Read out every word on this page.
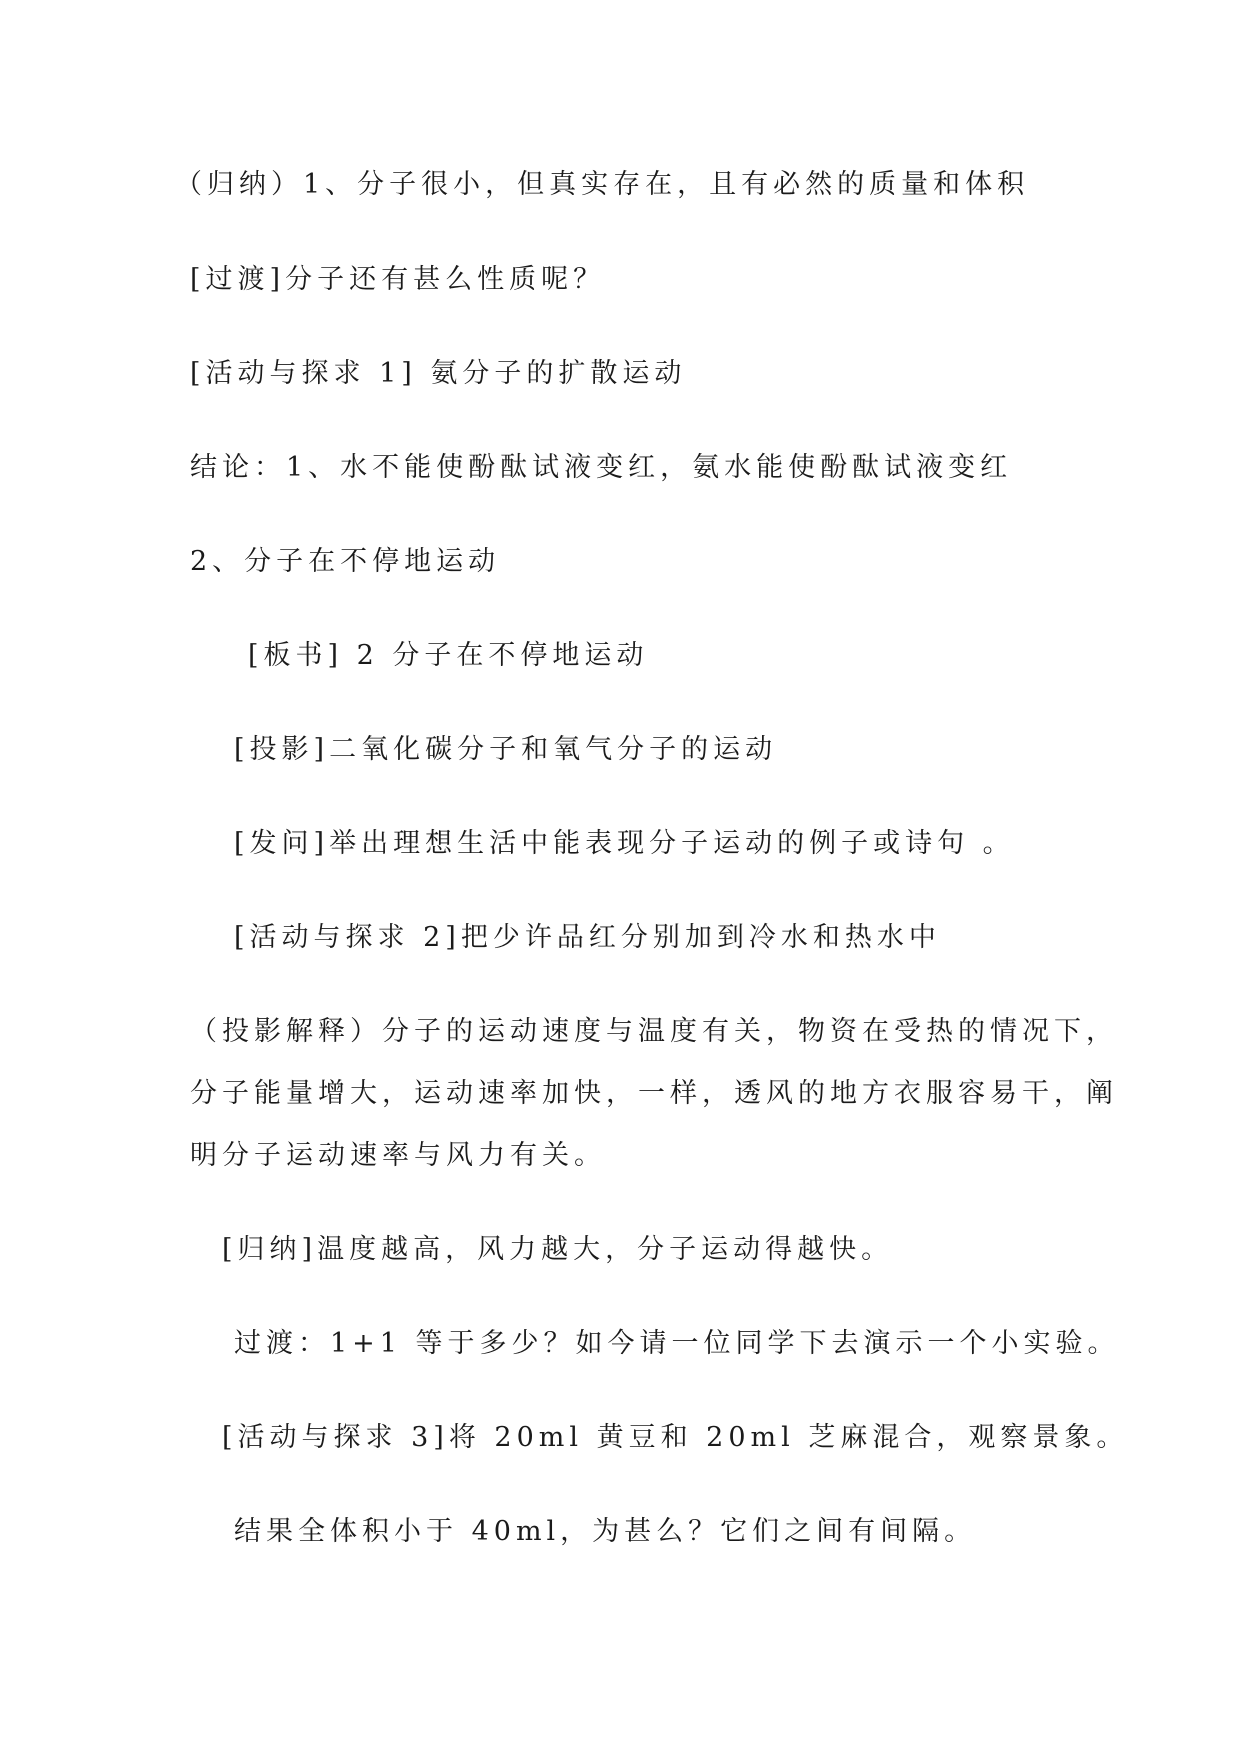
（归纳）1、分子很小，但真实存在，且有必然的质量和体积
[过渡]分子还有甚么性质呢？
[活动与探求 1] 氨分子的扩散运动
结论：1、水不能使酚酞试液变红，氨水能使酚酞试液变红
2、分子在不停地运动
[板书] 2 分子在不停地运动
[投影]二氧化碳分子和氧气分子的运动
[发问]举出理想生活中能表现分子运动的例子或诗句 。
[活动与探求 2]把少许品红分别加到冷水和热水中
（投影解释）分子的运动速度与温度有关，物资在受热的情况下，
分子能量增大，运动速率加快，一样，透风的地方衣服容易干，阐
明分子运动速率与风力有关。
[归纳]温度越高，风力越大，分子运动得越快。
过渡：1+1 等于多少？如今请一位同学下去演示一个小实验。
[活动与探求 3]将 20ml 黄豆和 20ml 芝麻混合，观察景象。
结果全体积小于 40ml，为甚么？它们之间有间隔。
